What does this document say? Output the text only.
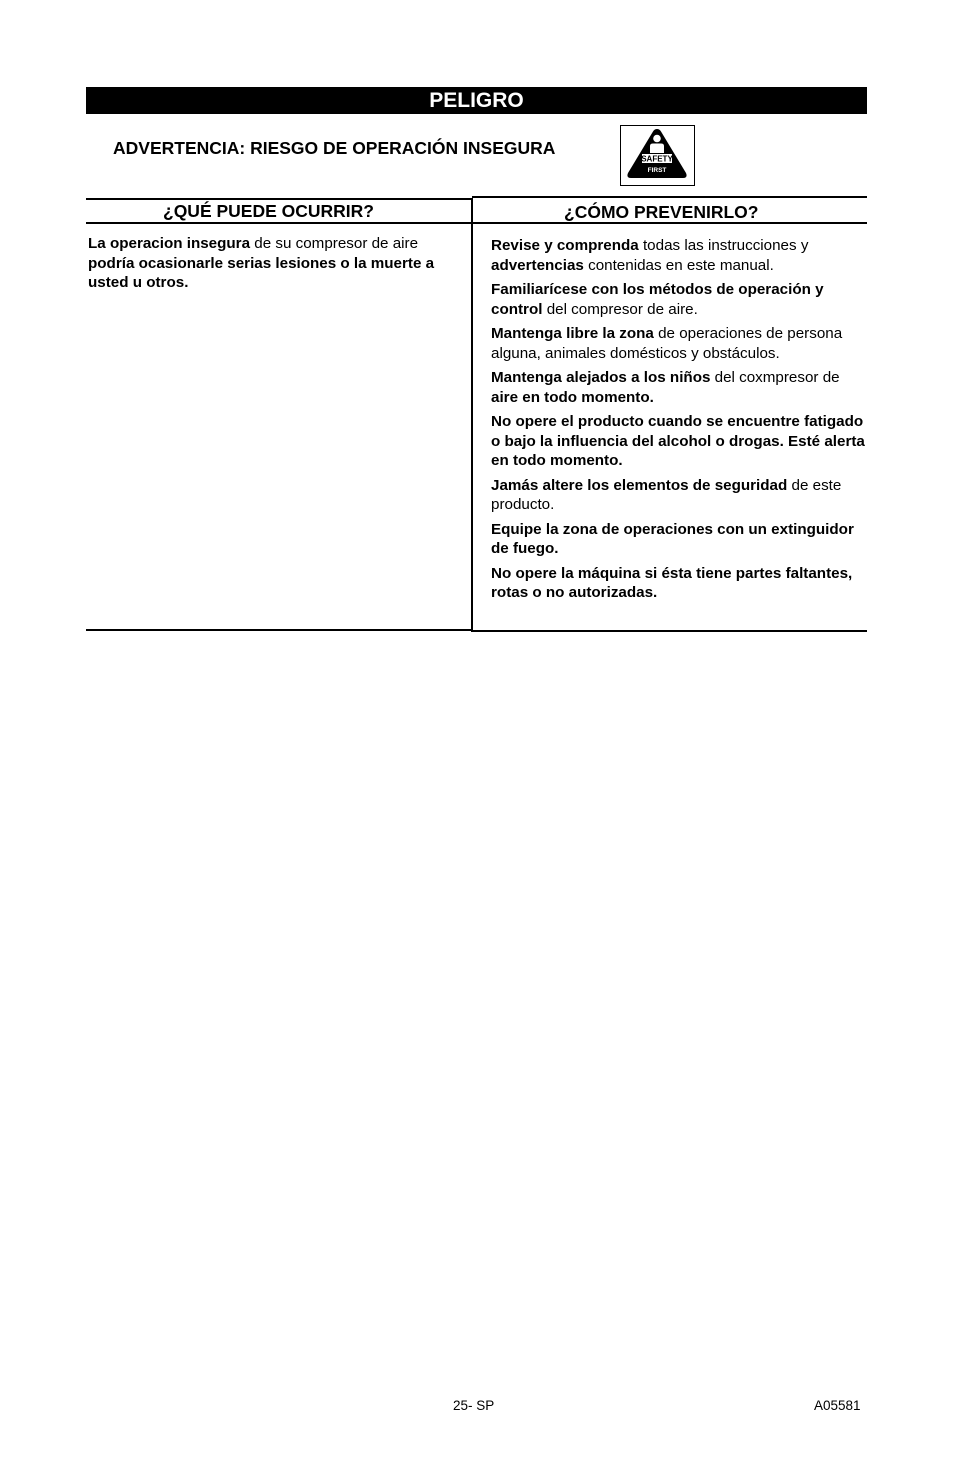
PELIGRO
ADVERTENCIA: RIESGO DE OPERACIÓN INSEGURA
SAFETY
FIRST
¿QUÉ PUEDE OCURRIR?	¿CÓMO PREVENIRLO?

La operacion insegura de su compresor de aire podría ocasionarle serias lesiones o la muerte a usted u otros.

Revise y comprenda todas las instrucciones y advertencias contenidas en este manual.

Familiarícese con los métodos de operación y control del compresor de aire.

Mantenga libre la zona de operaciones de persona alguna, animales domésticos y obstáculos.

Mantenga alejados a los niños del coxmpresor de aire en todo momento.

No opere el producto cuando se encuentre fatigado o bajo la influencia del alcohol o drogas. Esté alerta en todo momento.

Jamás altere los elementos de seguridad de este producto.

Equipe la zona de operaciones con un extinguidor de fuego.

No opere la máquina si ésta tiene partes faltantes, rotas o no autorizadas.

25- SP	A05581
